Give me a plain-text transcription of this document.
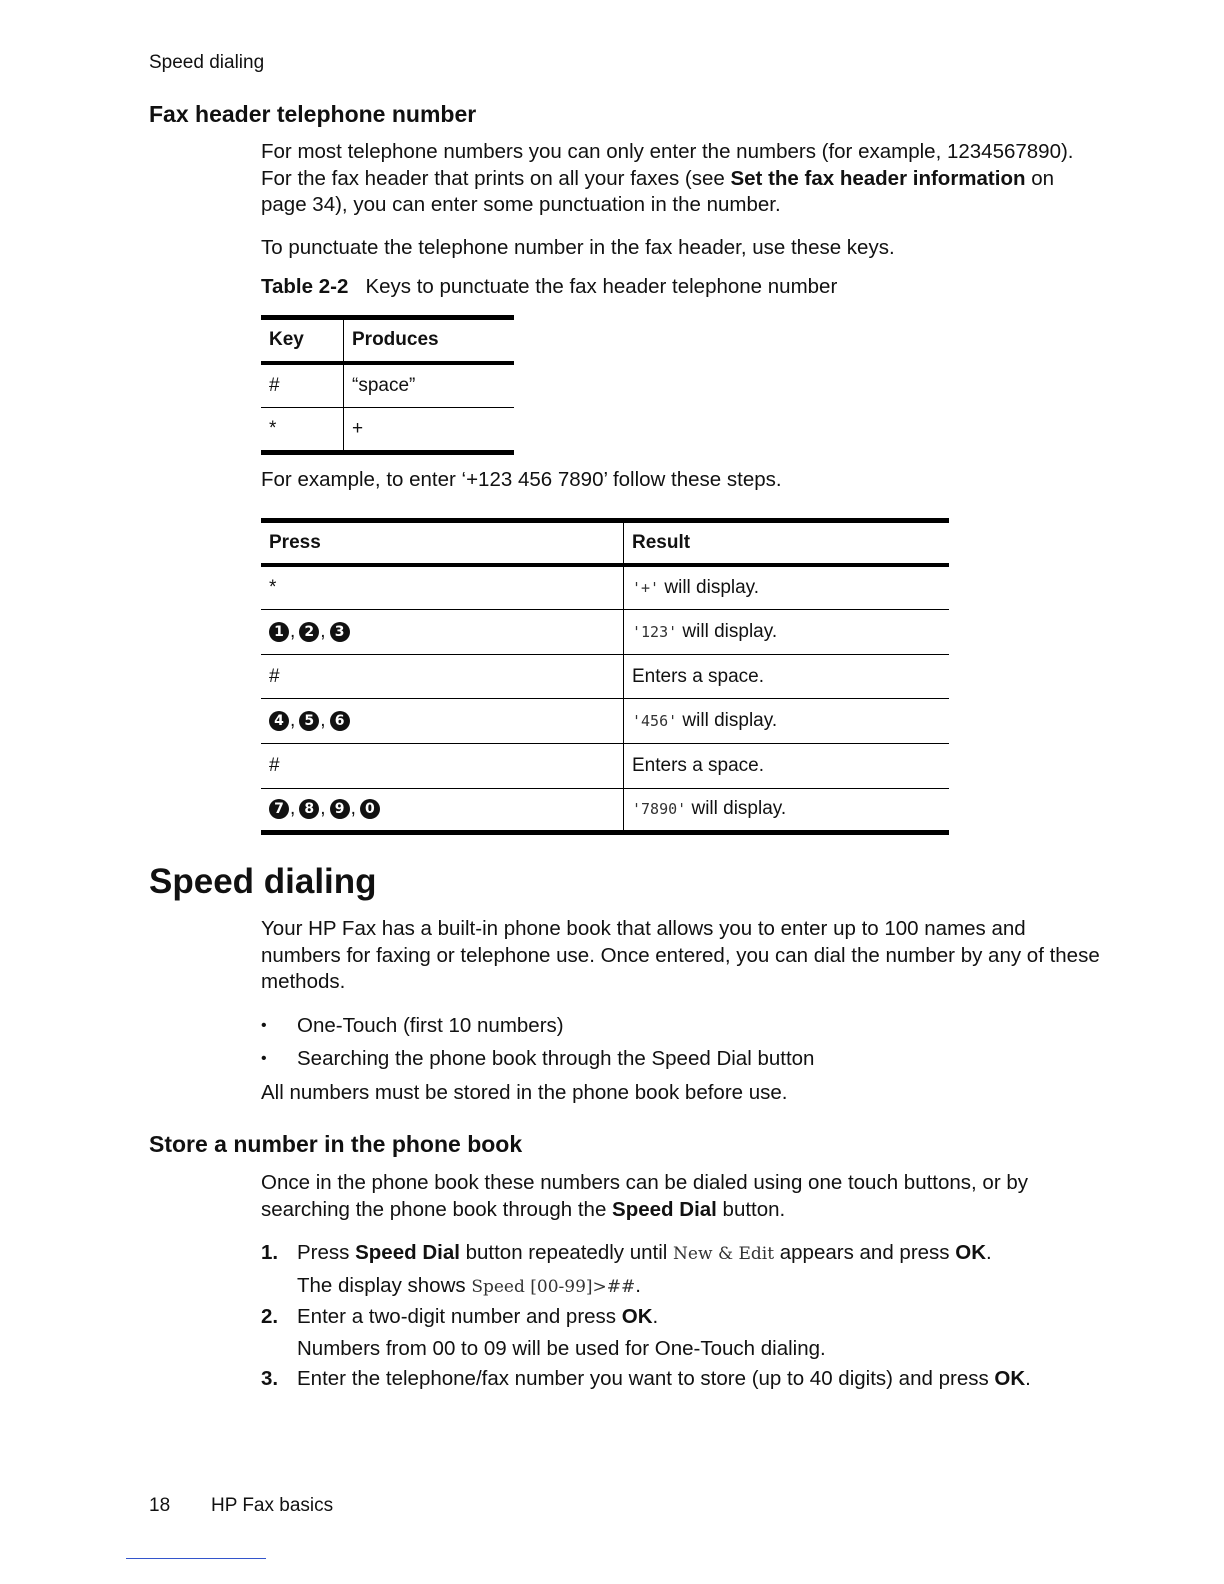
Speed dialing
Fax header telephone number

For most telephone numbers you can only enter the numbers (for example, 1234567890). For the fax header that prints on all your faxes (see Set the fax header information on page 34), you can enter some punctuation in the number.

To punctuate the telephone number in the fax header, use these keys.

Table 2-2 Keys to punctuate the fax header telephone number

Key	Produces
#	“space”
*	+
For example, to enter ‘+123 456 7890’ follow these steps.
Press	Result
*	'+' will display.
1 , 2 , 3	'123' will display.
#	Enters a space.
4 , 5 , 6	'456' will display.
#	Enters a space.
7 , 8 , 9 , 0	'7890' will display.
Speed dialing

Your HP Fax has a built-in phone book that allows you to enter up to 100 names and numbers for faxing or telephone use. Once entered, you can dial the number by any of these methods.

• One-Touch (first 10 numbers)
• Searching the phone book through the Speed Dial button

All numbers must be stored in the phone book before use.

Store a number in the phone book

Once in the phone book these numbers can be dialed using one touch buttons, or by searching the phone book through the Speed Dial button.

1. Press Speed Dial button repeatedly until New & Edit appears and press OK.

The display shows Speed [00-99]>##.

2. Enter a two-digit number and press OK.

Numbers from 00 to 09 will be used for One-Touch dialing.

3. Enter the telephone/fax number you want to store (up to 40 digits) and press OK.

18 HP Fax basics
